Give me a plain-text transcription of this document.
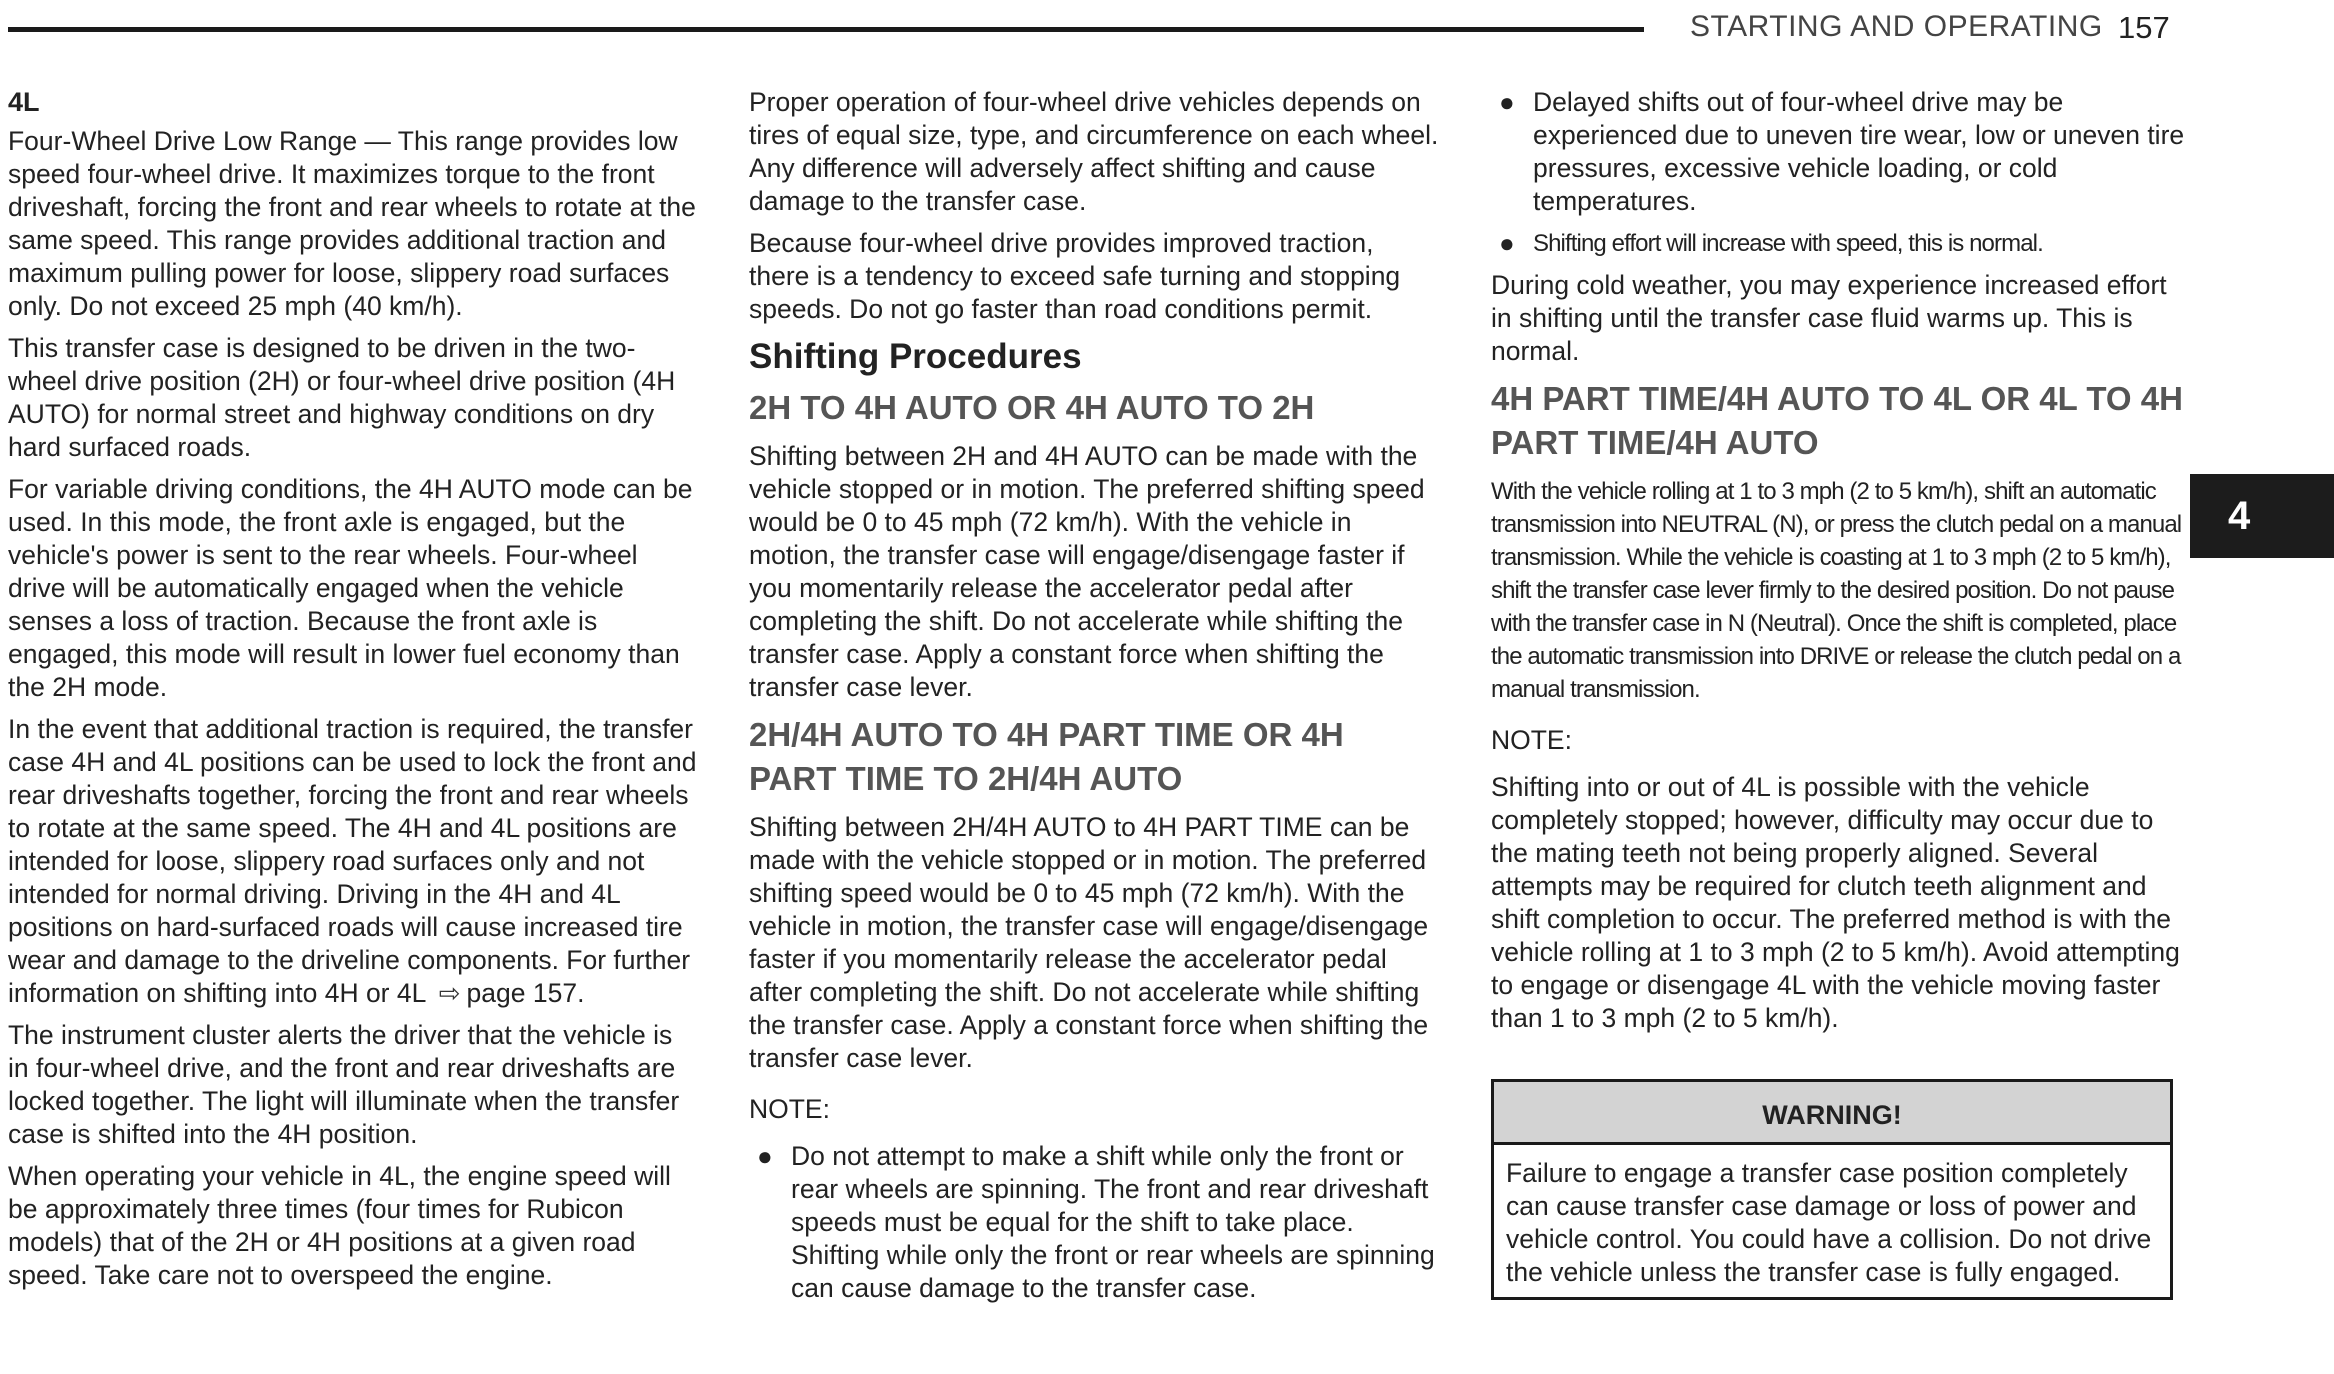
STARTING AND OPERATING 157
4
4L

Four-Wheel Drive Low Range — This range provides low speed four-wheel drive. It maximizes torque to the front driveshaft, forcing the front and rear wheels to rotate at the same speed. This range provides additional traction and maximum pulling power for loose, slippery road surfaces only. Do not exceed 25 mph (40 km/h).

This transfer case is designed to be driven in the two-wheel drive position (2H) or four-wheel drive position (4H AUTO) for normal street and highway conditions on dry hard surfaced roads.

For variable driving conditions, the 4H AUTO mode can be used. In this mode, the front axle is engaged, but the vehicle's power is sent to the rear wheels. Four-wheel drive will be automatically engaged when the vehicle senses a loss of traction. Because the front axle is engaged, this mode will result in lower fuel economy than the 2H mode.

In the event that additional traction is required, the transfer case 4H and 4L positions can be used to lock the front and rear driveshafts together, forcing the front and rear wheels to rotate at the same speed. The 4H and 4L positions are intended for loose, slippery road surfaces only and not intended for normal driving. Driving in the 4H and 4L positions on hard-surfaced roads will cause increased tire wear and damage to the driveline components. For further information on shifting into 4H or 4L ⇨ page 157.

The instrument cluster alerts the driver that the vehicle is in four-wheel drive, and the front and rear driveshafts are locked together. The light will illuminate when the transfer case is shifted into the 4H position.

When operating your vehicle in 4L, the engine speed will be approximately three times (four times for Rubicon models) that of the 2H or 4H positions at a given road speed. Take care not to overspeed the engine.

Proper operation of four-wheel drive vehicles depends on tires of equal size, type, and circumference on each wheel. Any difference will adversely affect shifting and cause damage to the transfer case.

Because four-wheel drive provides improved traction, there is a tendency to exceed safe turning and stopping speeds. Do not go faster than road conditions permit.

Shifting Procedures
2H TO 4H AUTO OR 4H AUTO TO 2H

Shifting between 2H and 4H AUTO can be made with the vehicle stopped or in motion. The preferred shifting speed would be 0 to 45 mph (72 km/h). With the vehicle in motion, the transfer case will engage/disengage faster if you momentarily release the accelerator pedal after completing the shift. Do not accelerate while shifting the transfer case. Apply a constant force when shifting the transfer case lever.

2H/4H AUTO TO 4H PART TIME OR 4H PART TIME TO 2H/4H AUTO

Shifting between 2H/4H AUTO to 4H PART TIME can be made with the vehicle stopped or in motion. The preferred shifting speed would be 0 to 45 mph (72 km/h). With the vehicle in motion, the transfer case will engage/disengage faster if you momentarily release the accelerator pedal after completing the shift. Do not accelerate while shifting the transfer case. Apply a constant force when shifting the transfer case lever.

NOTE:
● Do not attempt to make a shift while only the front or rear wheels are spinning. The front and rear driveshaft speeds must be equal for the shift to take place. Shifting while only the front or rear wheels are spinning can cause damage to the transfer case.
● Delayed shifts out of four-wheel drive may be experienced due to uneven tire wear, low or uneven tire pressures, excessive vehicle loading, or cold temperatures.
● Shifting effort will increase with speed, this is normal.

During cold weather, you may experience increased effort in shifting until the transfer case fluid warms up. This is normal.

4H PART TIME/4H AUTO TO 4L OR 4L TO 4H PART TIME/4H AUTO

With the vehicle rolling at 1 to 3 mph (2 to 5 km/h), shift an automatic transmission into NEUTRAL (N), or press the clutch pedal on a manual transmission. While the vehicle is coasting at 1 to 3 mph (2 to 5 km/h), shift the transfer case lever firmly to the desired position. Do not pause with the transfer case in N (Neutral). Once the shift is completed, place the automatic transmission into DRIVE or release the clutch pedal on a manual transmission.

NOTE:

Shifting into or out of 4L is possible with the vehicle completely stopped; however, difficulty may occur due to the mating teeth not being properly aligned. Several attempts may be required for clutch teeth alignment and shift completion to occur. The preferred method is with the vehicle rolling at 1 to 3 mph (2 to 5 km/h). Avoid attempting to engage or disengage 4L with the vehicle moving faster than 1 to 3 mph (2 to 5 km/h).

WARNING!
Failure to engage a transfer case position completely can cause transfer case damage or loss of power and vehicle control. You could have a collision. Do not drive the vehicle unless the transfer case is fully engaged.
